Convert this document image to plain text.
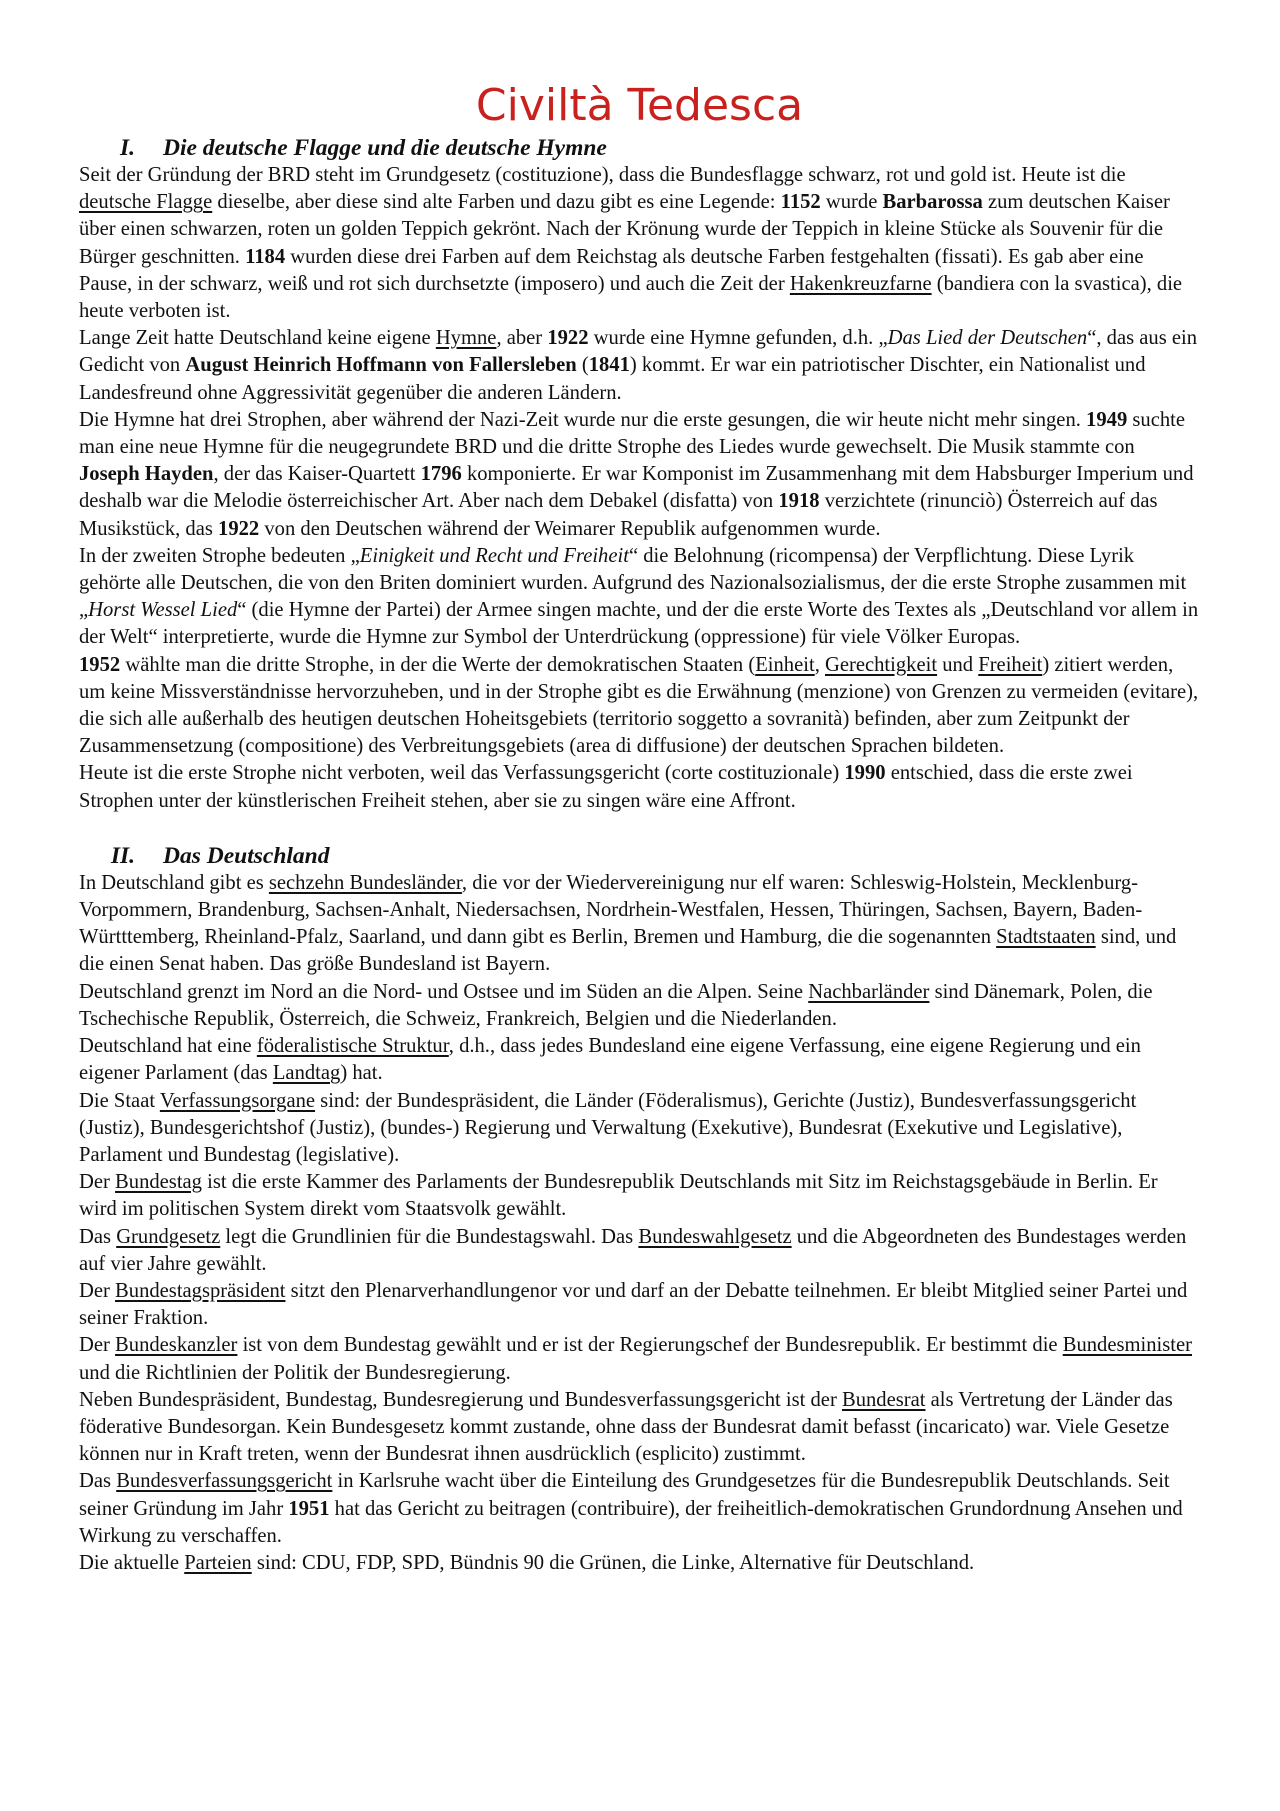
Civiltà Tedesca
I.	Die deutsche Flagge und die deutsche Hymne

Seit der Gründung der BRD steht im Grundgesetz (costituzione), dass die Bundesflagge schwarz, rot und gold ist. Heute ist die deutsche Flagge dieselbe, aber diese sind alte Farben und dazu gibt es eine Legende: 1152 wurde Barbarossa zum deutschen Kaiser über einen schwarzen, roten un golden Teppich gekrönt. Nach der Krönung wurde der Teppich in kleine Stücke als Souvenir für die Bürger geschnitten. 1184 wurden diese drei Farben auf dem Reichstag als deutsche Farben festgehalten (fissati). Es gab aber eine Pause, in der schwarz, weiß und rot sich durchsetzte (imposero) und auch die Zeit der Hakenkreuzfarne (bandiera con la svastica), die heute verboten ist.

Lange Zeit hatte Deutschland keine eigene Hymne, aber 1922 wurde eine Hymne gefunden, d.h. „Das Lied der Deutschen“, das aus ein Gedicht von August Heinrich Hoffmann von Fallersleben (1841) kommt. Er war ein patriotischer Dischter, ein Nationalist und Landesfreund ohne Aggressivität gegenüber die anderen Ländern.

Die Hymne hat drei Strophen, aber während der Nazi-Zeit wurde nur die erste gesungen, die wir heute nicht mehr singen. 1949 suchte man eine neue Hymne für die neugegrundete BRD und die dritte Strophe des Liedes wurde gewechselt. Die Musik stammte con Joseph Hayden, der das Kaiser-Quartett 1796 komponierte. Er war Komponist im Zusammenhang mit dem Habsburger Imperium und deshalb war die Melodie österreichischer Art. Aber nach dem Debakel (disfatta) von 1918 verzichtete (rinunciò) Österreich auf das Musikstück, das 1922 von den Deutschen während der Weimarer Republik aufgenommen wurde.

In der zweiten Strophe bedeuten „Einigkeit und Recht und Freiheit“ die Belohnung (ricompensa) der Verpflichtung. Diese Lyrik gehörte alle Deutschen, die von den Briten dominiert wurden. Aufgrund des Nazionalsozialismus, der die erste Strophe zusammen mit „Horst Wessel Lied“ (die Hymne der Partei) der Armee singen machte, und der die erste Worte des Textes als „Deutschland vor allem in der Welt“ interpretierte, wurde die Hymne zur Symbol der Unterdrückung (oppressione) für viele Völker Europas.

1952 wählte man die dritte Strophe, in der die Werte der demokratischen Staaten (Einheit, Gerechtigkeit und Freiheit) zitiert werden, um keine Missverständnisse hervorzuheben, und in der Strophe gibt es die Erwähnung (menzione) von Grenzen zu vermeiden (evitare), die sich alle außerhalb des heutigen deutschen Hoheitsgebiets (territorio soggetto a sovranità) befinden, aber zum Zeitpunkt der Zusammensetzung (compositione) des Verbreitungsgebiets (area di diffusione) der deutschen Sprachen bildeten.

Heute ist die erste Strophe nicht verboten, weil das Verfassungsgericht (corte costituzionale) 1990 entschied, dass die erste zwei Strophen unter der künstlerischen Freiheit stehen, aber sie zu singen wäre eine Affront.

II.	Das Deutschland

In Deutschland gibt es sechzehn Bundesländer, die vor der Wiedervereinigung nur elf waren: Schleswig-Holstein, Mecklenburg-Vorpommern, Brandenburg, Sachsen-Anhalt, Niedersachsen, Nordrhein-Westfalen, Hessen, Thüringen, Sachsen, Bayern, Baden-Württtemberg, Rheinland-Pfalz, Saarland, und dann gibt es Berlin, Bremen und Hamburg, die die sogenannten Stadtstaaten sind, und die einen Senat haben. Das größe Bundesland ist Bayern.

Deutschland grenzt im Nord an die Nord- und Ostsee und im Süden an die Alpen. Seine Nachbarländer sind Dänemark, Polen, die Tschechische Republik, Österreich, die Schweiz, Frankreich, Belgien und die Niederlanden.

Deutschland hat eine föderalistische Struktur, d.h., dass jedes Bundesland eine eigene Verfassung, eine eigene Regierung und ein eigener Parlament (das Landtag) hat.

Die Staat Verfassungsorgane sind: der Bundespräsident, die Länder (Föderalismus), Gerichte (Justiz), Bundesverfassungsgericht (Justiz), Bundesgerichtshof (Justiz), (bundes-) Regierung und Verwaltung (Exekutive), Bundesrat (Exekutive und Legislative), Parlament und Bundestag (legislative).

Der Bundestag ist die erste Kammer des Parlaments der Bundesrepublik Deutschlands mit Sitz im Reichstagsgebäude in Berlin. Er wird im politischen System direkt vom Staatsvolk gewählt.

Das Grundgesetz legt die Grundlinien für die Bundestagswahl. Das Bundeswahlgesetz und die Abgeordneten des Bundestages werden auf vier Jahre gewählt.

Der Bundestagspräsident sitzt den Plenarverhandlungenor vor und darf an der Debatte teilnehmen. Er bleibt Mitglied seiner Partei und seiner Fraktion.

Der Bundeskanzler ist von dem Bundestag gewählt und er ist der Regierungschef der Bundesrepublik. Er bestimmt die Bundesminister und die Richtlinien der Politik der Bundesregierung.

Neben Bundespräsident, Bundestag, Bundesregierung und Bundesverfassungsgericht ist der Bundesrat als Vertretung der Länder das föderative Bundesorgan. Kein Bundesgesetz kommt zustande, ohne dass der Bundesrat damit befasst (incaricato) war. Viele Gesetze können nur in Kraft treten, wenn der Bundesrat ihnen ausdrücklich (esplicito) zustimmt.

Das Bundesverfassungsgericht in Karlsruhe wacht über die Einteilung des Grundgesetzes für die Bundesrepublik Deutschlands. Seit seiner Gründung im Jahr 1951 hat das Gericht zu beitragen (contribuire), der freiheitlich-demokratischen Grundordnung Ansehen und Wirkung zu verschaffen.

Die aktuelle Parteien sind: CDU, FDP, SPD, Bündnis 90 die Grünen, die Linke, Alternative für Deutschland.
